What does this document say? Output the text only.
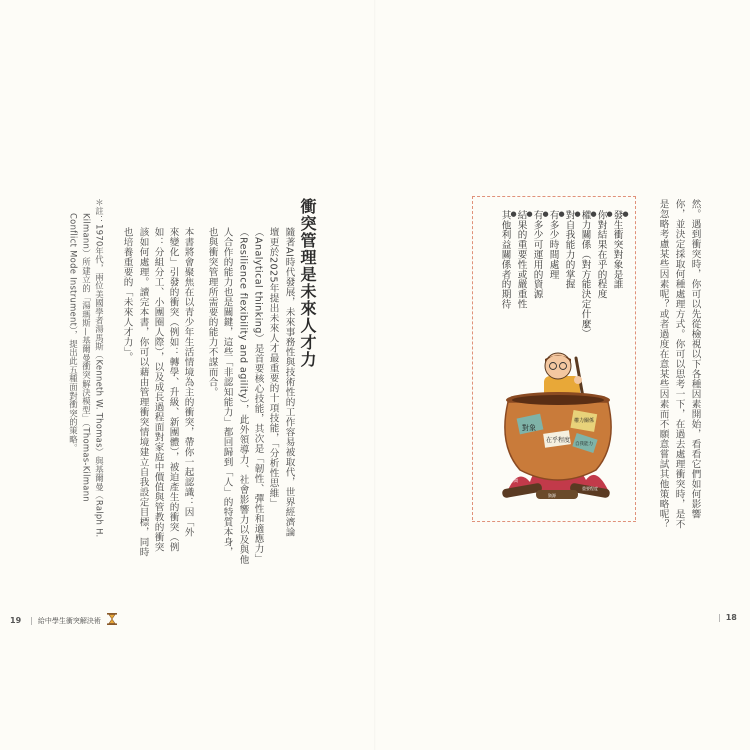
衝突管理是未來人才力
隨著AI時代發展，未來事務性與技術性的工作容易被取代，世界經濟論
壇更於2025年提出未來人才最重要的十項技能，「分析性思維」
（Analytical thinking）是首要核心技能，其次是「韌性、彈性和適應力」
（Resilience flexibility and agility），此外領導力、社會影響力以及與他
人合作的能力也是關鍵，這些「非認知能力」都回歸到「人」的特質本身，
也與衝突管理所需要的能力不謀而合。
本書將會聚焦在以青少年生活情境為主的衝突，帶你一起認識：因「外
來變化」引發的衝突（例如：轉學、升級、新團體），被迫產生的衝突（例
如：分組分工、小團圈人際），以及成長過程面對家庭中價值與管教的衝突
該如何處理。讀完本書，你可以藉由管理衝突情境建立自我設定目標，同時
也培養重要的「未來人才力」。
＊註：1970年代，兩位美國學者湯馬斯（Kenneth W. Thomas）與基爾曼（Ralph H.
Kilmann）所建立的「湯瑪斯—基爾曼衝突解決模型」（Thomas-Kilmann
Conflict Mode Instrument），提出此五種面對衝突的策略。
19 | 給中學生衝突解決術
然。遇到衝突時，你可以先從檢視以下各種因素開始，看看它們如何影響
你，並決定採取何種處理方式。你可以思考一下，在過去處理衝突時，是不
是忽略考慮某些因素呢？或者過度在意某些因素而不願意嘗試其他策略呢？
● 發生衝突對象是誰
● 你對結果在乎的程度
● 權力關係（對方能決定什麼）
● 對自我能力的掌握
● 有多少時間處理
● 有多少可運用的資源
● 結果的重要性或嚴重性
● 其他利益關係者的期待
對象
權力關係
在乎程度
自我能力
時間
資源
重要程度
| 18
